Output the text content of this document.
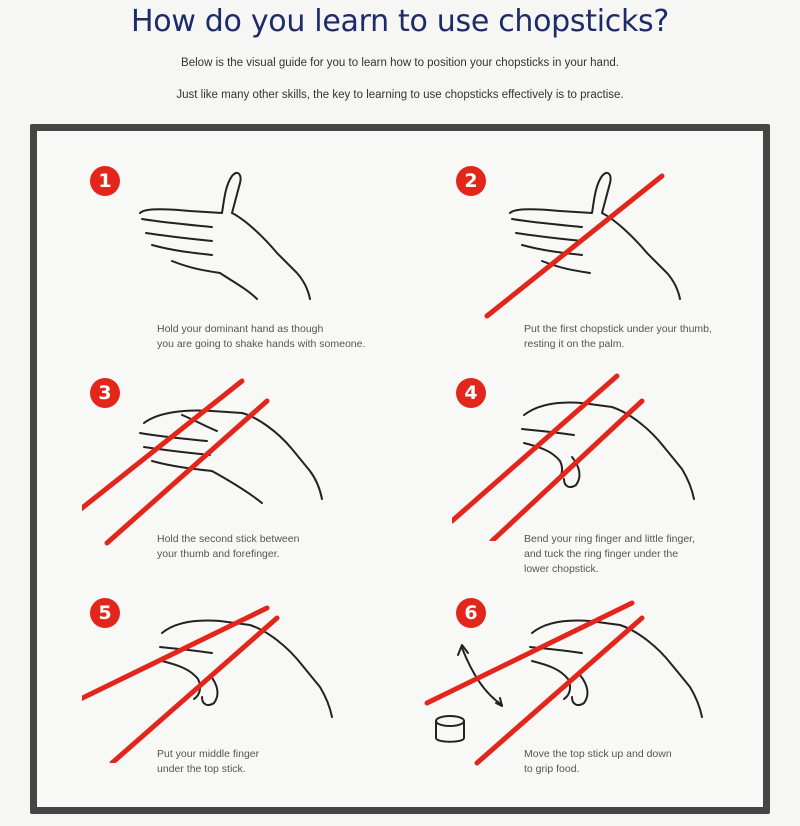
How do you learn to use chopsticks?
Below is the visual guide for you to learn how to position your chopsticks in your hand.
Just like many other skills, the key to learning to use chopsticks effectively is to practise.
1
Hold your dominant hand as though
you are going to shake hands with someone.
2
Put the first chopstick under your thumb,
resting it on the palm.
3
Hold the second stick between
your thumb and forefinger.
4
Bend your ring finger and little finger,
and tuck the ring finger under the
lower chopstick.
5
Put your middle finger
under the top stick.
6
Move the top stick up and down
to grip food.
